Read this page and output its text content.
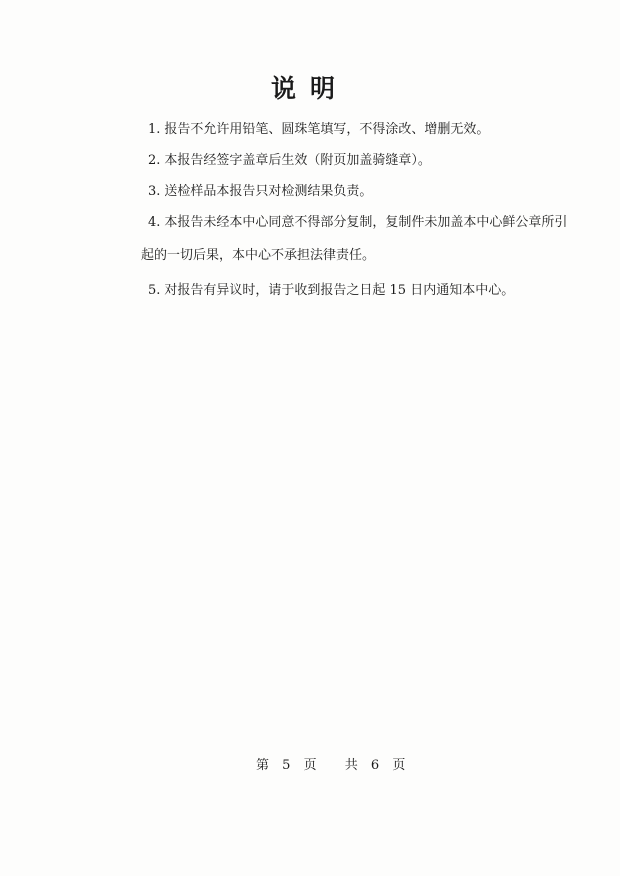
说明

1. 报告不允许用铅笔、圆珠笔填写，不得涂改、增删无效。

2. 本报告经签字盖章后生效（附页加盖骑缝章）。

3. 送检样品本报告只对检测结果负责。

4. 本报告未经本中心同意不得部分复制，复制件未加盖本中心鲜公章所引

起的一切后果，本中心不承担法律责任。

5. 对报告有异议时，请于收到报告之日起 15 日内通知本中心。

第 5 页 共 6 页
